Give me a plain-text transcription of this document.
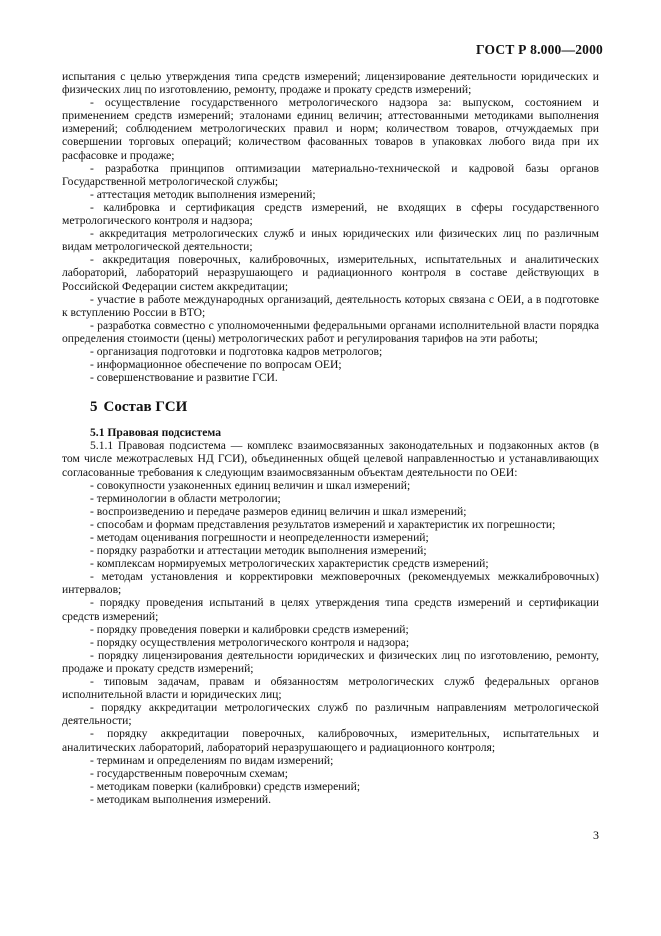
ГОСТ Р 8.000—2000

испытания с целью утверждения типа средств измерений; лицензирование деятельности юридических и физических лиц по изготовлению, ремонту, продаже и прокату средств измерений;

- осуществление государственного метрологического надзора за: выпуском, состоянием и применением средств измерений; эталонами единиц величин; аттестованными методиками выполнения измерений; соблюдением метрологических правил и норм; количеством товаров, отчуждаемых при совершении торговых операций; количеством фасованных товаров в упаковках любого вида при их расфасовке и продаже;

- разработка принципов оптимизации материально-технической и кадровой базы органов Государственной метрологической службы;

- аттестация методик выполнения измерений;

- калибровка и сертификация средств измерений, не входящих в сферы государственного метрологического контроля и надзора;

- аккредитация метрологических служб и иных юридических или физических лиц по различным видам метрологической деятельности;

- аккредитация поверочных, калибровочных, измерительных, испытательных и аналитических лабораторий, лабораторий неразрушающего и радиационного контроля в составе действующих в Российской Федерации систем аккредитации;

- участие в работе международных организаций, деятельность которых связана с ОЕИ, а в подготовке к вступлению России в ВТО;

- разработка совместно с уполномоченными федеральными органами исполнительной власти порядка определения стоимости (цены) метрологических работ и регулирования тарифов на эти работы;

- организация подготовки и подготовка кадров метрологов;

- информационное обеспечение по вопросам ОЕИ;

- совершенствование и развитие ГСИ.

5 Состав ГСИ

5.1 Правовая подсистема

5.1.1 Правовая подсистема — комплекс взаимосвязанных законодательных и подзаконных актов (в том числе межотраслевых НД ГСИ), объединенных общей целевой направленностью и устанавливающих согласованные требования к следующим взаимосвязанным объектам деятельности по ОЕИ:

- совокупности узаконенных единиц величин и шкал измерений;

- терминологии в области метрологии;

- воспроизведению и передаче размеров единиц величин и шкал измерений;

- способам и формам представления результатов измерений и характеристик их погрешности;

- методам оценивания погрешности и неопределенности измерений;

- порядку разработки и аттестации методик выполнения измерений;

- комплексам нормируемых метрологических характеристик средств измерений;

- методам установления и корректировки межповерочных (рекомендуемых межкалибровочных) интервалов;

- порядку проведения испытаний в целях утверждения типа средств измерений и сертификации средств измерений;

- порядку проведения поверки и калибровки средств измерений;

- порядку осуществления метрологического контроля и надзора;

- порядку лицензирования деятельности юридических и физических лиц по изготовлению, ремонту, продаже и прокату средств измерений;

- типовым задачам, правам и обязанностям метрологических служб федеральных органов исполнительной власти и юридических лиц;

- порядку аккредитации метрологических служб по различным направлениям метрологической деятельности;

- порядку аккредитации поверочных, калибровочных, измерительных, испытательных и аналитических лабораторий, лабораторий неразрушающего и радиационного контроля;

- терминам и определениям по видам измерений;

- государственным поверочным схемам;

- методикам поверки (калибровки) средств измерений;

- методикам выполнения измерений.

3
